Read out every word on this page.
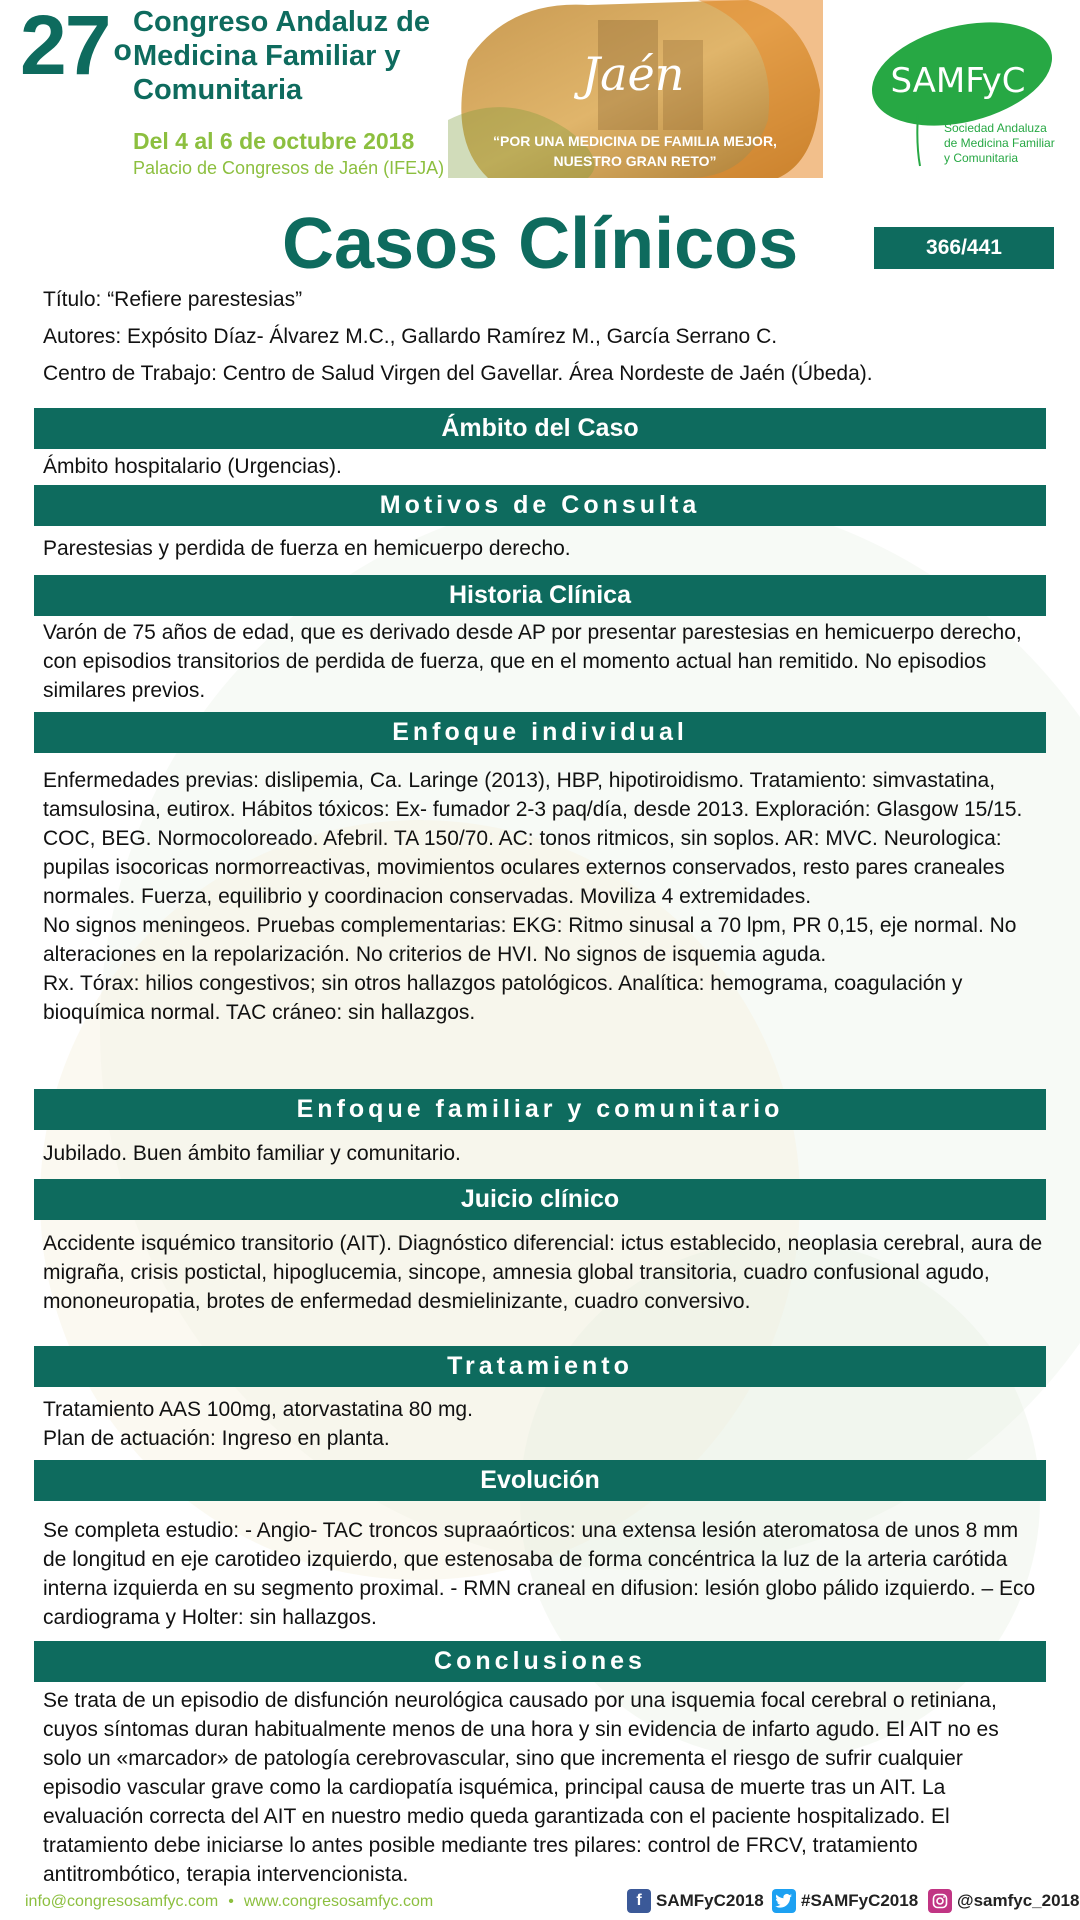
27 $^o$
Congreso Andaluz de Medicina Familiar y Comunitaria
Del 4 al 6 de octubre 2018
Palacio de Congresos de Jaén (IFEJA)
Jaén
“POR UNA MEDICINA DE FAMILIA MEJOR,
NUESTRO GRAN RETO”
SAMFyC
Sociedad Andaluza
de Medicina Familiar
y Comunitaria
Casos Clínicos	366/441
Título: “Refiere parestesias”
Autores: Expósito Díaz- Álvarez M.C., Gallardo Ramírez M., García Serrano C.
Centro de Trabajo: Centro de Salud Virgen del Gavellar. Área Nordeste de Jaén (Úbeda).
Ámbito del Caso
Ámbito hospitalario (Urgencias).
Motivos de Consulta
Parestesias y perdida de fuerza en hemicuerpo derecho.
Historia Clínica
Varón de 75 años de edad, que es derivado desde AP por presentar parestesias en hemicuerpo derecho, con episodios transitorios de perdida de fuerza, que en el momento actual han remitido. No episodios similares previos.
Enfoque individual
Enfermedades previas: dislipemia, Ca. Laringe (2013), HBP, hipotiroidismo. Tratamiento: simvastatina, tamsulosina, eutirox. Hábitos tóxicos: Ex- fumador 2-3 paq/día, desde 2013. Exploración: Glasgow 15/15. COC, BEG. Normocoloreado. Afebril. TA 150/70. AC: tonos ritmicos, sin soplos. AR: MVC. Neurologica: pupilas isocoricas normorreactivas, movimientos oculares externos conservados, resto pares craneales normales. Fuerza, equilibrio y coordinacion conservadas. Moviliza 4 extremidades.
No signos meningeos. Pruebas complementarias: EKG: Ritmo sinusal a 70 lpm, PR 0,15, eje normal. No alteraciones en la repolarización. No criterios de HVI. No signos de isquemia aguda.
Rx. Tórax: hilios congestivos; sin otros hallazgos patológicos. Analítica: hemograma, coagulación y bioquímica normal. TAC cráneo: sin hallazgos.
Enfoque familiar y comunitario
Jubilado. Buen ámbito familiar y comunitario.
Juicio clínico
Accidente isquémico transitorio (AIT). Diagnóstico diferencial: ictus establecido, neoplasia cerebral, aura de migraña, crisis postictal, hipoglucemia, sincope, amnesia global transitoria, cuadro confusional agudo, mononeuropatia, brotes de enfermedad desmielinizante, cuadro conversivo.
Tratamiento
Tratamiento AAS 100mg, atorvastatina 80 mg.
Plan de actuación: Ingreso en planta.
Evolución
Se completa estudio: - Angio- TAC troncos supraaórticos: una extensa lesión ateromatosa de unos 8 mm de longitud en eje carotideo izquierdo, que estenosaba de forma concéntrica la luz de la arteria carótida interna izquierda en su segmento proximal. - RMN craneal en difusion: lesión globo pálido izquierdo. – Eco cardiograma y Holter: sin hallazgos.
Conclusiones
Se trata de un episodio de disfunción neurológica causado por una isquemia focal cerebral o retiniana, cuyos síntomas duran habitualmente menos de una hora y sin evidencia de infarto agudo. El AIT no es solo un «marcador» de patología cerebrovascular, sino que incrementa el riesgo de sufrir cualquier episodio vascular grave como la cardiopatía isquémica, principal causa de muerte tras un AIT. La evaluación correcta del AIT en nuestro medio queda garantizada con el paciente hospitalizado. El tratamiento debe iniciarse lo antes posible mediante tres pilares: control de FRCV, tratamiento antitrombótico, terapia intervencionista.
info@congresosamfyc.com • www.congresosamfyc.com	f SAMFyC2018 #SAMFyC2018 @samfyc_2018
